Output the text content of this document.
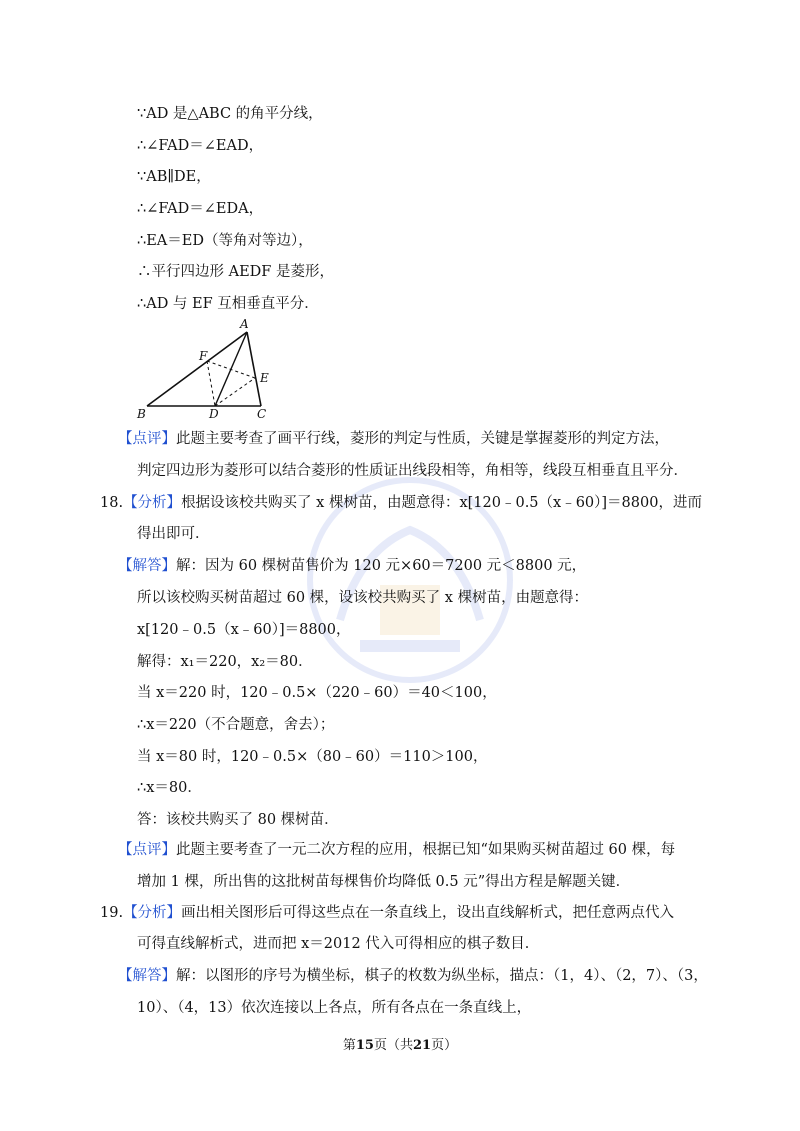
∵AD 是△ABC 的角平分线，
∴∠FAD＝∠EAD，
∵AB∥DE，
∴∠FAD＝∠EDA，
∴EA＝ED（等角对等边），
∴平行四边形 AEDF 是菱形，
∴AD 与 EF 互相垂直平分．
A
F
E
B	D	C
【点评】此题主要考查了画平行线，菱形的判定与性质，关键是掌握菱形的判定方法，
判定四边形为菱形可以结合菱形的性质证出线段相等，角相等，线段互相垂直且平分．
18.【分析】根据设该校共购买了 x 棵树苗，由题意得：x[120﹣0.5（x﹣60）]＝8800，进而
得出即可．
【解答】解：因为 60 棵树苗售价为 120 元×60＝7200 元＜8800 元，
所以该校购买树苗超过 60 棵，设该校共购买了 x 棵树苗，由题意得：
x[120﹣0.5（x﹣60）]＝8800，
解得：x₁＝220，x₂＝80．
当 x＝220 时，120﹣0.5×（220﹣60）＝40＜100，
∴x＝220（不合题意，舍去）；
当 x＝80 时，120﹣0.5×（80﹣60）＝110＞100，
∴x＝80．
答：该校共购买了 80 棵树苗．
【点评】此题主要考查了一元二次方程的应用，根据已知“如果购买树苗超过 60 棵，每
增加 1 棵，所出售的这批树苗每棵售价均降低 0.5 元”得出方程是解题关键．
19.【分析】画出相关图形后可得这些点在一条直线上，设出直线解析式，把任意两点代入
可得直线解析式，进而把 x＝2012 代入可得相应的棋子数目．
【解答】解：以图形的序号为横坐标，棋子的枚数为纵坐标，描点：（1，4）、（2，7）、（3，
10）、（4，13）依次连接以上各点，所有各点在一条直线上，
第15页（共21页）
